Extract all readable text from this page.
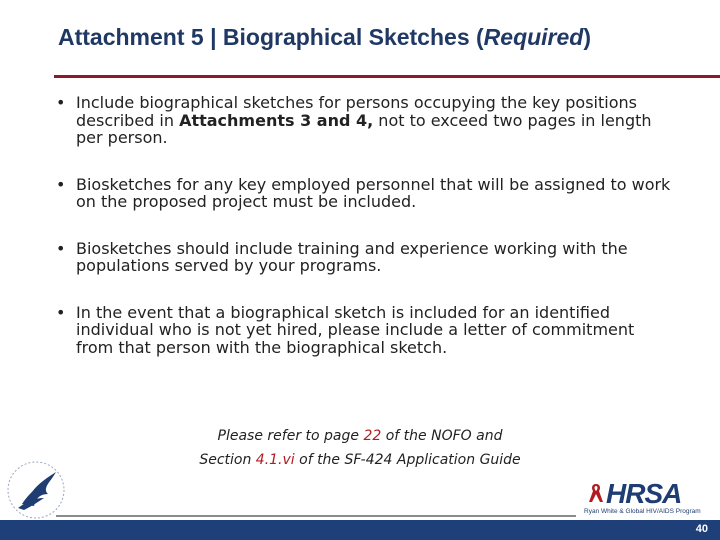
Attachment 5 | Biographical Sketches (Required)
• Include biographical sketches for persons occupying the key positions described in Attachments 3 and 4, not to exceed two pages in length per person.
• Biosketches for any key employed personnel that will be assigned to work on the proposed project must be included.
• Biosketches should include training and experience working with the populations served by your programs.
• In the event that a biographical sketch is included for an identified individual who is not yet hired, please include a letter of commitment from that person with the biographical sketch.
Please refer to page 22 of the NOFO and
Section 4.1.vi of the SF-424 Application Guide
HRSA
Ryan White & Global HIV/AIDS Program
40
